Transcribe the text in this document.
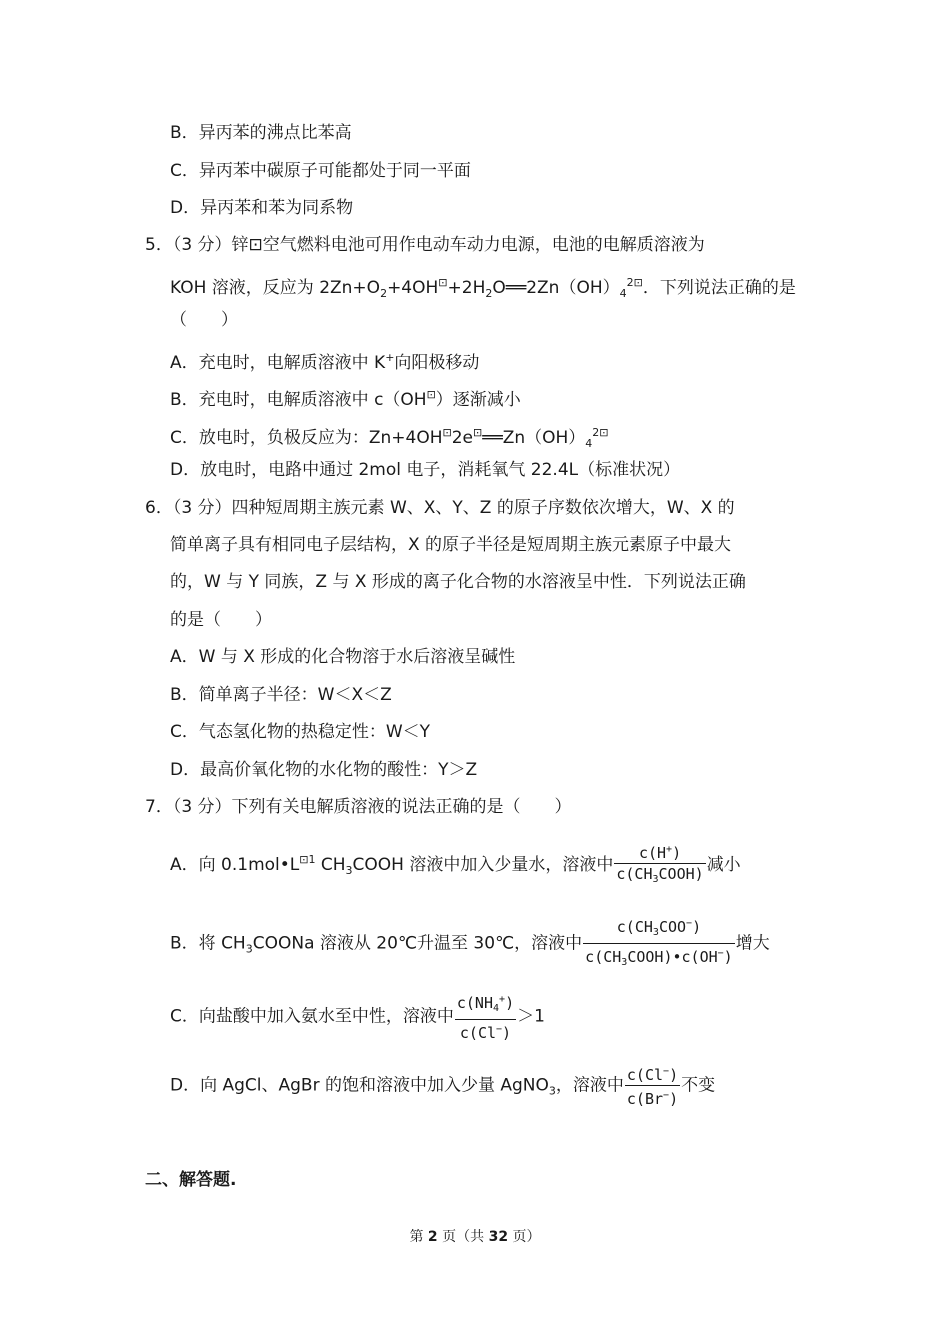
B．异丙苯的沸点比苯高
C．异丙苯中碳原子可能都处于同一平面
D．异丙苯和苯为同系物
5．（3 分）锌⊡空气燃料电池可用作电动车动力电源，电池的电解质溶液为
KOH 溶液，反应为 $2Zn+O_2+4OH^⊡+2H_2O══2Zn(OH)_4^{2⊡}$．下列说法正确的是
（　　）
A．充电时，电解质溶液中 K+向阳极移动
B．充电时，电解质溶液中 c（OH⊡）逐渐减小
C．放电时，负极反应为：$Zn+4OH^⊡2e^⊡══Zn(OH)_4^{2⊡}$
D．放电时，电路中通过 2mol 电子，消耗氧气 22.4L（标准状况）
6．（3 分）四种短周期主族元素 W、X、Y、Z 的原子序数依次增大，W、X 的
简单离子具有相同电子层结构，X 的原子半径是短周期主族元素原子中最大
的，W 与 Y 同族，Z 与 X 形成的离子化合物的水溶液呈中性．下列说法正确
的是（　　）
A．W 与 X 形成的化合物溶于水后溶液呈碱性
B．简单离子半径：W＜X＜Z
C．气态氢化物的热稳定性：W＜Y
D．最高价氧化物的水化物的酸性：Y＞Z
7．（3 分）下列有关电解质溶液的说法正确的是（　　）
A．向 $0.1mol•L^{⊡1}$ $CH_3COOH$ 溶液中加入少量水，溶液中 $\frac{c(H^+)}{c(CH_3COOH)}$ 减小
B．将 $CH_3COONa$ 溶液从 20℃升温至 30℃，溶液中 $\frac{c(CH_3COO^-)}{c(CH_3COOH)•c(OH^-)}$ 增大
C．向盐酸中加入氨水至中性，溶液中 $\frac{c(NH_4^+)}{c(Cl^-)} >1$
D．向 AgCl、AgBr 的饱和溶液中加入少量 AgNO$_3$，溶液中 $\frac{c(Cl^-)}{c(Br^-)}$ 不变
二、解答题.
第 2 页（共 32 页）
